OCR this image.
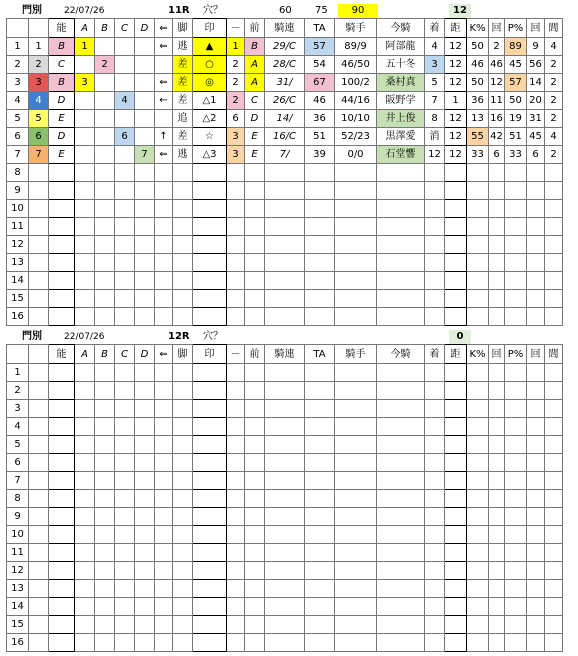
門別 22/07/26	11R 穴？	60 75	90	12
		能	A	B	C	D	⇐	脚	印	－	前	騎連	TA	騎手	今騎	着	距	K%	回	P%	回	閭
1	1	B	1				⇐	逃	▲	1	B	29/C	57	89/9	阿部龍	4	12	50	2	89	9	4
2	2	C		2				差	○	2	A	28/C	54	46/50	五十冬	3	12	46	46	45	56	2
3	3	B	3				⇐	差	◎	2	A	31/	67	100/2	桑村真	5	12	50	12	57	14	2
4	4	D			4		←	差	△1	2	C	26/C	46	44/16	阪野学	7	1	36	11	50	20	2
5	5	E						追	△2	6	D	14/	36	10/10	井上俊	8	12	13	16	19	31	2
6	6	D			6		↑	差	☆	3	E	16/C	51	52/23	黒澤愛	消	12	55	42	51	45	4
7	7	E				7	⇐	逃	△3	3	E	7/	39	0/0	石堂響	12	12	33	6	33	6	2
8																						
9																						
10																						
11																						
12																						
13																						
14																						
15																						
16																						
門別 22/07/26	12R 穴？	0
		能	A	B	C	D	⇐	脚	印	－	前	騎連	TA	騎手	今騎	着	距	K%	回	P%	回	閭
1																						
2																						
3																						
4																						
5																						
6																						
7																						
8																						
9																						
10																						
11																						
12																						
13																						
14																						
15																						
16																						
